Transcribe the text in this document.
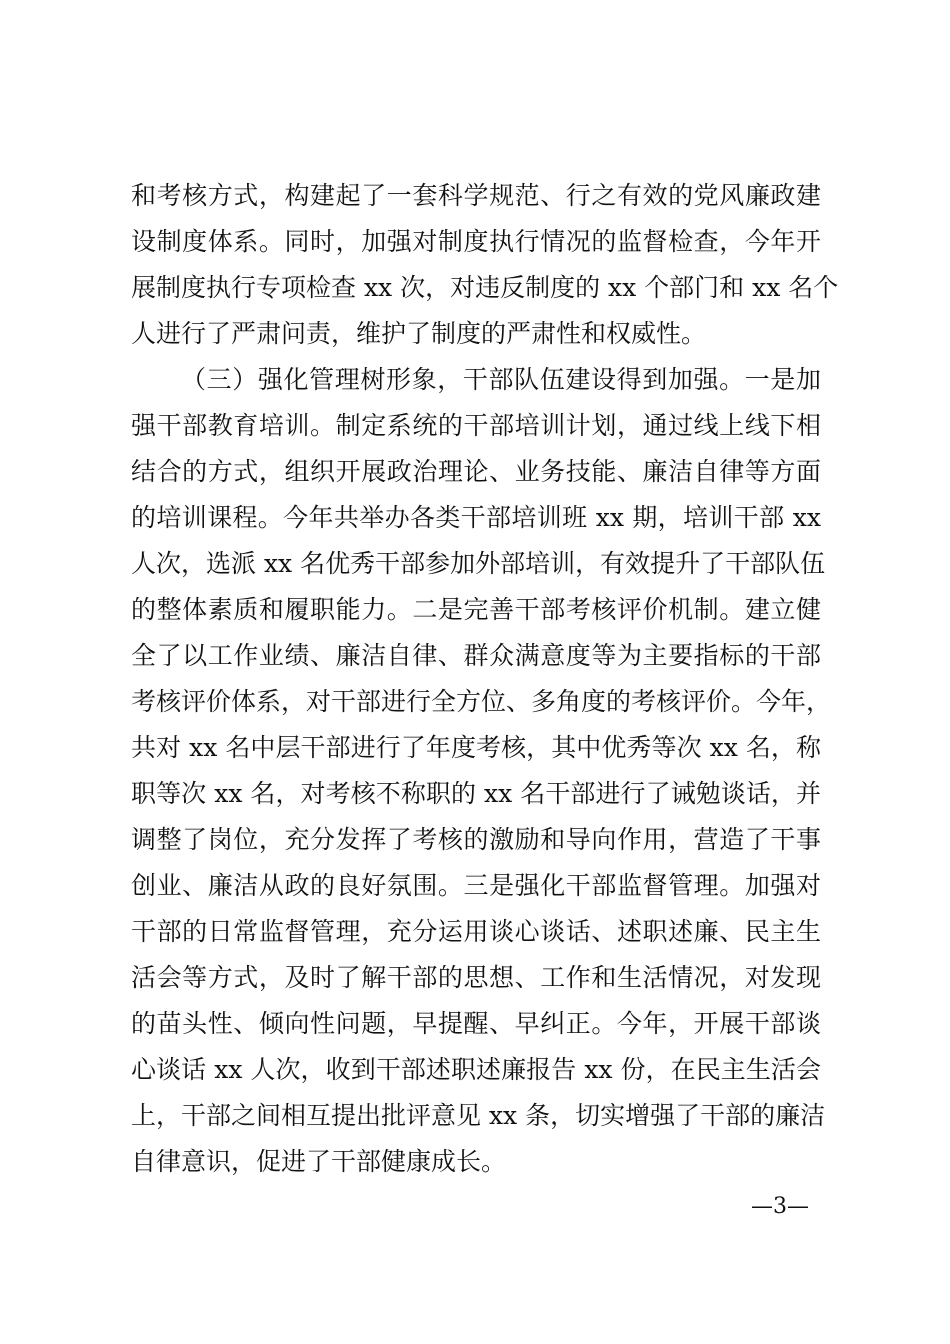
和考核方式，构建起了一套科学规范、行之有效的党风廉政建
设制度体系。同时，加强对制度执行情况的监督检查，今年开
展制度执行专项检查 xx 次，对违反制度的 xx 个部门和 xx 名个
人进行了严肃问责，维护了制度的严肃性和权威性。
（三）强化管理树形象，干部队伍建设得到加强。一是加
强干部教育培训。制定系统的干部培训计划，通过线上线下相
结合的方式，组织开展政治理论、业务技能、廉洁自律等方面
的培训课程。今年共举办各类干部培训班 xx 期，培训干部 xx
人次，选派 xx 名优秀干部参加外部培训，有效提升了干部队伍
的整体素质和履职能力。二是完善干部考核评价机制。建立健
全了以工作业绩、廉洁自律、群众满意度等为主要指标的干部
考核评价体系，对干部进行全方位、多角度的考核评价。今年，
共对 xx 名中层干部进行了年度考核，其中优秀等次 xx 名，称
职等次 xx 名，对考核不称职的 xx 名干部进行了诫勉谈话，并
调整了岗位，充分发挥了考核的激励和导向作用，营造了干事
创业、廉洁从政的良好氛围。三是强化干部监督管理。加强对
干部的日常监督管理，充分运用谈心谈话、述职述廉、民主生
活会等方式，及时了解干部的思想、工作和生活情况，对发现
的苗头性、倾向性问题，早提醒、早纠正。今年，开展干部谈
心谈话 xx 人次，收到干部述职述廉报告 xx 份，在民主生活会
上，干部之间相互提出批评意见 xx 条，切实增强了干部的廉洁
自律意识，促进了干部健康成长。
—3—
